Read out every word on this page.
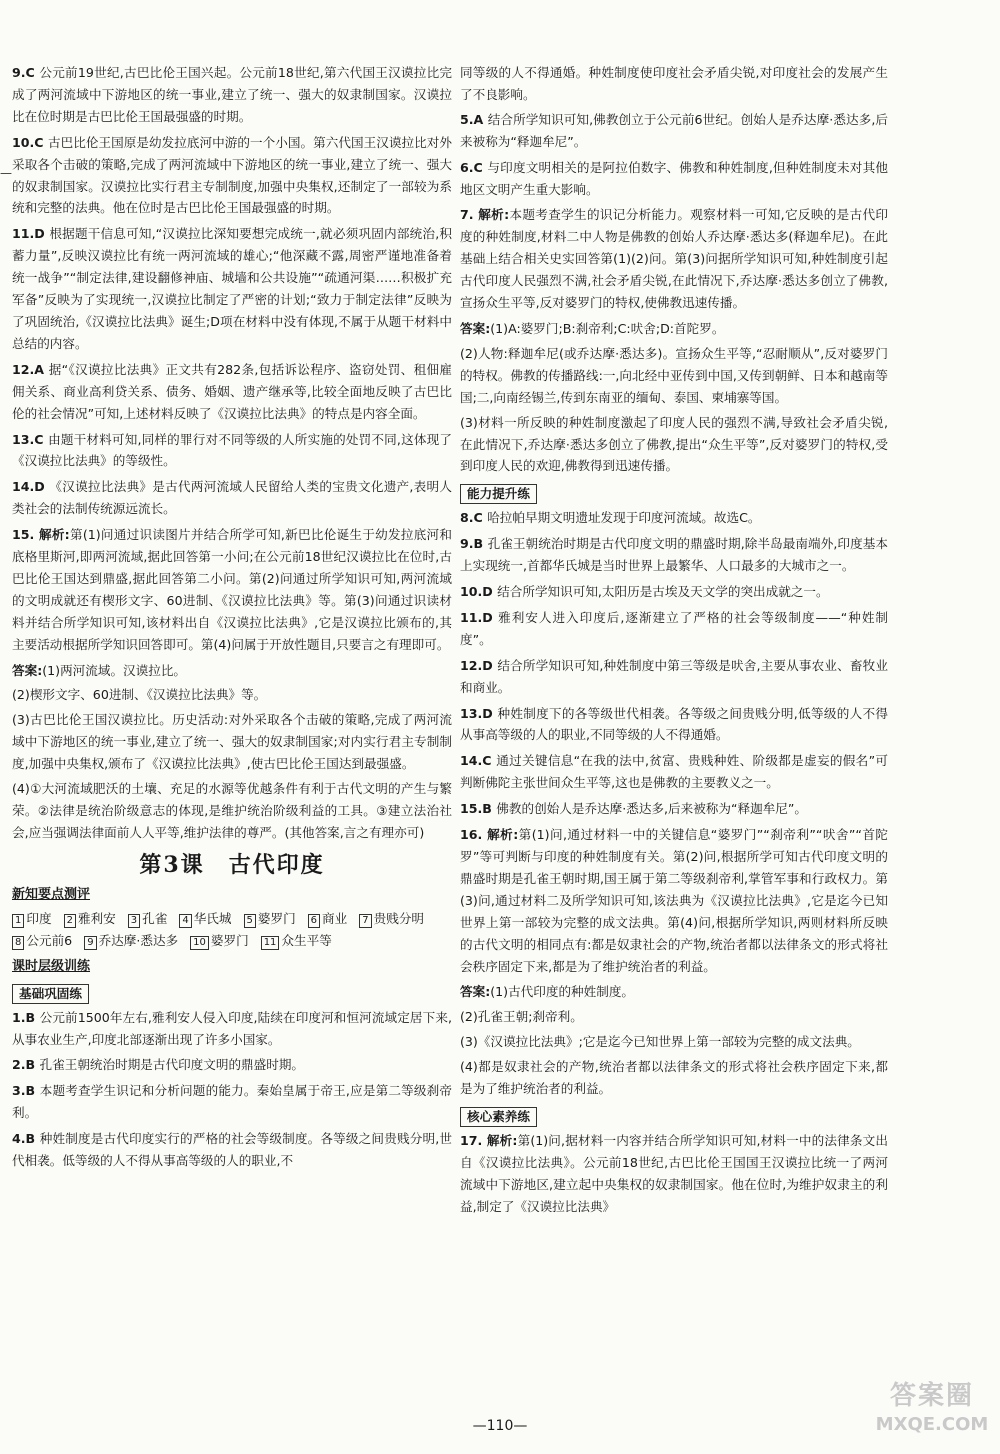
—
9.C 公元前19世纪,古巴比伦王国兴起。公元前18世纪,第六代国王汉谟拉比完成了两河流域中下游地区的统一事业,建立了统一、强大的奴隶制国家。汉谟拉比在位时期是古巴比伦王国最强盛的时期。
10.C 古巴比伦王国原是幼发拉底河中游的一个小国。第六代国王汉谟拉比对外采取各个击破的策略,完成了两河流域中下游地区的统一事业,建立了统一、强大的奴隶制国家。汉谟拉比实行君主专制制度,加强中央集权,还制定了一部较为系统和完整的法典。他在位时是古巴比伦王国最强盛的时期。
11.D 根据题干信息可知,“汉谟拉比深知要想完成统一,就必须巩固内部统治,积蓄力量”,反映汉谟拉比有统一两河流域的雄心;“他深藏不露,周密严谨地准备着统一战争”“制定法律,建设翻修神庙、城墙和公共设施”“疏通河渠……积极扩充军备”反映为了实现统一,汉谟拉比制定了严密的计划;“致力于制定法律”反映为了巩固统治,《汉谟拉比法典》诞生;D项在材料中没有体现,不属于从题干材料中总结的内容。
12.A 据“《汉谟拉比法典》正文共有282条,包括诉讼程序、盗窃处罚、租佃雇佣关系、商业高利贷关系、债务、婚姻、遗产继承等,比较全面地反映了古巴比伦的社会情况”可知,上述材料反映了《汉谟拉比法典》的特点是内容全面。
13.C 由题干材料可知,同样的罪行对不同等级的人所实施的处罚不同,这体现了《汉谟拉比法典》的等级性。
14.D 《汉谟拉比法典》是古代两河流域人民留给人类的宝贵文化遗产,表明人类社会的法制传统源远流长。
15. 解析:第(1)问通过识读图片并结合所学可知,新巴比伦诞生于幼发拉底河和底格里斯河,即两河流域,据此回答第一小问;在公元前18世纪汉谟拉比在位时,古巴比伦王国达到鼎盛,据此回答第二小问。第(2)问通过所学知识可知,两河流域的文明成就还有楔形文字、60进制、《汉谟拉比法典》等。第(3)问通过识读材料并结合所学知识可知,该材料出自《汉谟拉比法典》,它是汉谟拉比颁布的,其主要活动根据所学知识回答即可。第(4)问属于开放性题目,只要言之有理即可。
答案:(1)两河流域。汉谟拉比。
(2)楔形文字、60进制、《汉谟拉比法典》等。
(3)古巴比伦王国汉谟拉比。历史活动:对外采取各个击破的策略,完成了两河流域中下游地区的统一事业,建立了统一、强大的奴隶制国家;对内实行君主专制制度,加强中央集权,颁布了《汉谟拉比法典》,使古巴比伦王国达到最强盛。
(4)①大河流域肥沃的土壤、充足的水源等优越条件有利于古代文明的产生与繁荣。②法律是统治阶级意志的体现,是维护统治阶级利益的工具。③建立法治社会,应当强调法律面前人人平等,维护法律的尊严。(其他答案,言之有理亦可)
第3课　古代印度
新知要点测评
1 印度 2 雅利安 3 孔雀 4 华氏城 5 婆罗门 6 商业 7 贵贱分明 8 公元前6 9 乔达摩·悉达多 10 婆罗门 11 众生平等
课时层级训练
基础巩固练
1.B 公元前1500年左右,雅利安人侵入印度,陆续在印度河和恒河流域定居下来,从事农业生产,印度北部逐渐出现了许多小国家。
2.B 孔雀王朝统治时期是古代印度文明的鼎盛时期。
3.B 本题考查学生识记和分析问题的能力。秦始皇属于帝王,应是第二等级刹帝利。
4.B 种姓制度是古代印度实行的严格的社会等级制度。各等级之间贵贱分明,世代相袭。低等级的人不得从事高等级的人的职业,不
同等级的人不得通婚。种姓制度使印度社会矛盾尖锐,对印度社会的发展产生了不良影响。
5.A 结合所学知识可知,佛教创立于公元前6世纪。创始人是乔达摩·悉达多,后来被称为“释迦牟尼”。
6.C 与印度文明相关的是阿拉伯数字、佛教和种姓制度,但种姓制度未对其他地区文明产生重大影响。
7. 解析:本题考查学生的识记分析能力。观察材料一可知,它反映的是古代印度的种姓制度,材料二中人物是佛教的创始人乔达摩·悉达多(释迦牟尼)。在此基础上结合相关史实回答第(1)(2)问。第(3)问据所学知识可知,种姓制度引起古代印度人民强烈不满,社会矛盾尖锐,在此情况下,乔达摩·悉达多创立了佛教,宣扬众生平等,反对婆罗门的特权,使佛教迅速传播。
答案:(1)A:婆罗门;B:刹帝利;C:吠舍;D:首陀罗。
(2)人物:释迦牟尼(或乔达摩·悉达多)。宣扬众生平等,“忍耐顺从”,反对婆罗门的特权。佛教的传播路线:一,向北经中亚传到中国,又传到朝鲜、日本和越南等国;二,向南经锡兰,传到东南亚的缅甸、泰国、柬埔寨等国。
(3)材料一所反映的种姓制度激起了印度人民的强烈不满,导致社会矛盾尖锐,在此情况下,乔达摩·悉达多创立了佛教,提出“众生平等”,反对婆罗门的特权,受到印度人民的欢迎,佛教得到迅速传播。
能力提升练
8.C 哈拉帕早期文明遗址发现于印度河流域。故选C。
9.B 孔雀王朝统治时期是古代印度文明的鼎盛时期,除半岛最南端外,印度基本上实现统一,首都华氏城是当时世界上最繁华、人口最多的大城市之一。
10.D 结合所学知识可知,太阳历是古埃及天文学的突出成就之一。
11.D 雅利安人进入印度后,逐渐建立了严格的社会等级制度——“种姓制度”。
12.D 结合所学知识可知,种姓制度中第三等级是吠舍,主要从事农业、畜牧业和商业。
13.D 种姓制度下的各等级世代相袭。各等级之间贵贱分明,低等级的人不得从事高等级的人的职业,不同等级的人不得通婚。
14.C 通过关键信息“在我的法中,贫富、贵贱种姓、阶级都是虚妄的假名”可判断佛陀主张世间众生平等,这也是佛教的主要教义之一。
15.B 佛教的创始人是乔达摩·悉达多,后来被称为“释迦牟尼”。
16. 解析:第(1)问,通过材料一中的关键信息“婆罗门”“刹帝利”“吠舍”“首陀罗”等可判断与印度的种姓制度有关。第(2)问,根据所学可知古代印度文明的鼎盛时期是孔雀王朝时期,国王属于第二等级刹帝利,掌管军事和行政权力。第(3)问,通过材料二及所学知识可知,该法典为《汉谟拉比法典》,它是迄今已知世界上第一部较为完整的成文法典。第(4)问,根据所学知识,两则材料所反映的古代文明的相同点有:都是奴隶社会的产物,统治者都以法律条文的形式将社会秩序固定下来,都是为了维护统治者的利益。
答案:(1)古代印度的种姓制度。
(2)孔雀王朝;刹帝利。
(3)《汉谟拉比法典》;它是迄今已知世界上第一部较为完整的成文法典。
(4)都是奴隶社会的产物,统治者都以法律条文的形式将社会秩序固定下来,都是为了维护统治者的利益。
核心素养练
17. 解析:第(1)问,据材料一内容并结合所学知识可知,材料一中的法律条文出自《汉谟拉比法典》。公元前18世纪,古巴比伦王国国王汉谟拉比统一了两河流域中下游地区,建立起中央集权的奴隶制国家。他在位时,为维护奴隶主的利益,制定了《汉谟拉比法典》
—110—
答案圈
MXQE.COM
